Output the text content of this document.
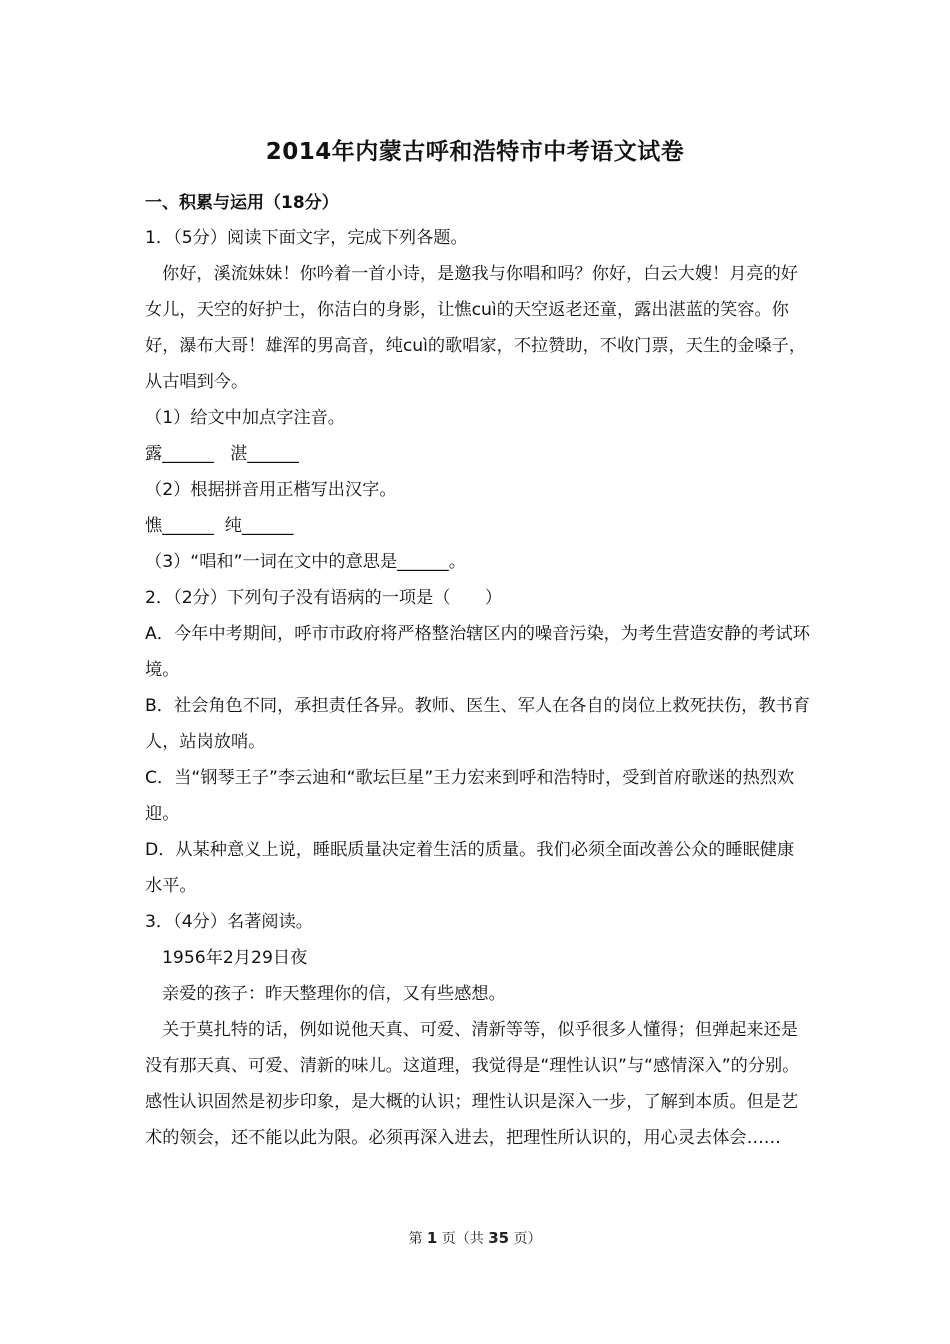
2014年内蒙古呼和浩特市中考语文试卷
一、积累与运用（18分）

1．（5分）阅读下面文字，完成下列各题。

你好，溪流妹妹！你吟着一首小诗，是邀我与你唱和吗？你好，白云大嫂！月亮的好女儿，天空的好护士，你洁白的身影，让憔cuì的天空返老还童，露出湛蓝的笑容。你好，瀑布大哥！雄浑的男高音，纯cuì的歌唱家，不拉赞助，不收门票，天生的金嗓子，从古唱到今。

（1）给文中加点字注音。

露______   湛______

（2）根据拼音用正楷写出汉字。

憔______  纯______

（3）“唱和”一词在文中的意思是______。

2．（2分）下列句子没有语病的一项是（　　）

A．今年中考期间，呼市市政府将严格整治辖区内的噪音污染，为考生营造安静的考试环境。

B．社会角色不同，承担责任各异。教师、医生、军人在各自的岗位上救死扶伤，教书育人，站岗放哨。

C．当“钢琴王子”李云迪和“歌坛巨星”王力宏来到呼和浩特时，受到首府歌迷的热烈欢迎。

D．从某种意义上说，睡眠质量决定着生活的质量。我们必须全面改善公众的睡眠健康水平。

3．（4分）名著阅读。

1956年2月29日夜

亲爱的孩子：昨天整理你的信，又有些感想。

关于莫扎特的话，例如说他天真、可爱、清新等等，似乎很多人懂得；但弹起来还是没有那天真、可爱、清新的味儿。这道理，我觉得是“理性认识”与“感情深入”的分别。感性认识固然是初步印象，是大概的认识；理性认识是深入一步，了解到本质。但是艺术的领会，还不能以此为限。必须再深入进去，把理性所认识的，用心灵去体会……

第 1 页（共 35 页）
